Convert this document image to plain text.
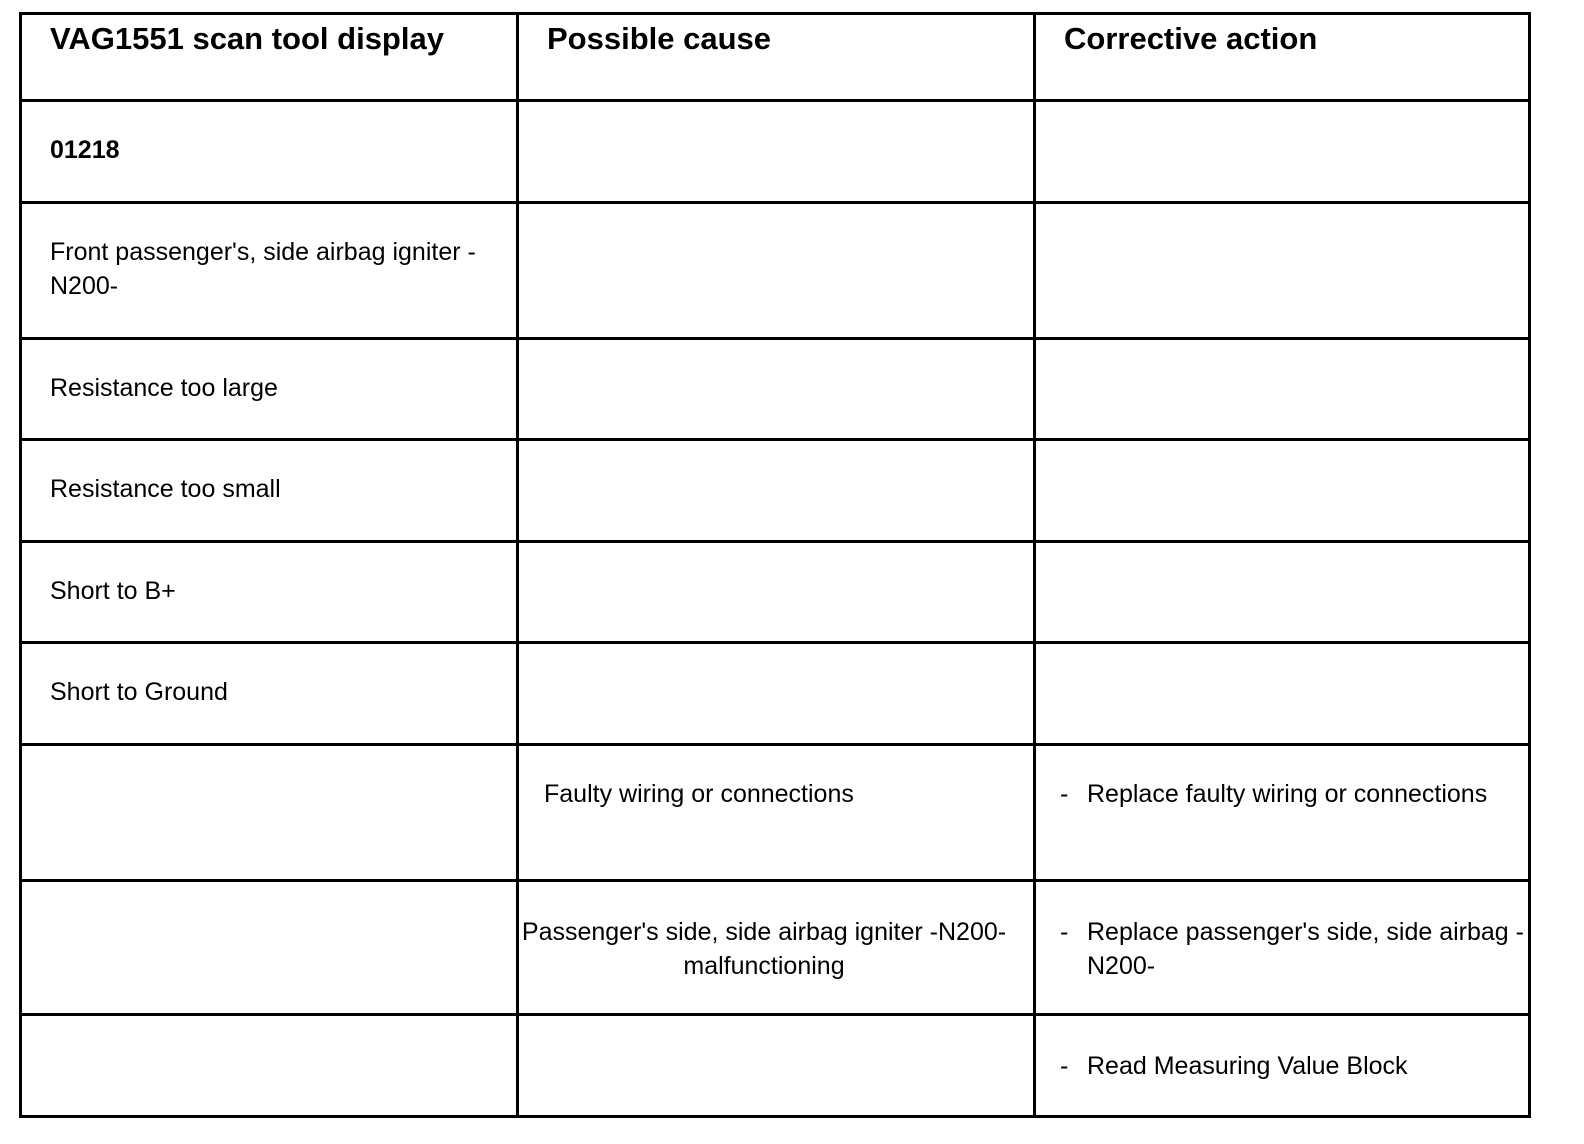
VAG1551 scan tool display	Possible cause	Corrective action
01218		
Front passenger's, side airbag igniter -N200-		
Resistance too large		
Resistance too small		
Short to B+		
Short to Ground		
	Faulty wiring or connections	- Replace faulty wiring or connections

	Passenger's side, side airbag igniter -N200- malfunctioning	- Replace passenger's side, side airbag -N200-

		- Read Measuring Value Block
